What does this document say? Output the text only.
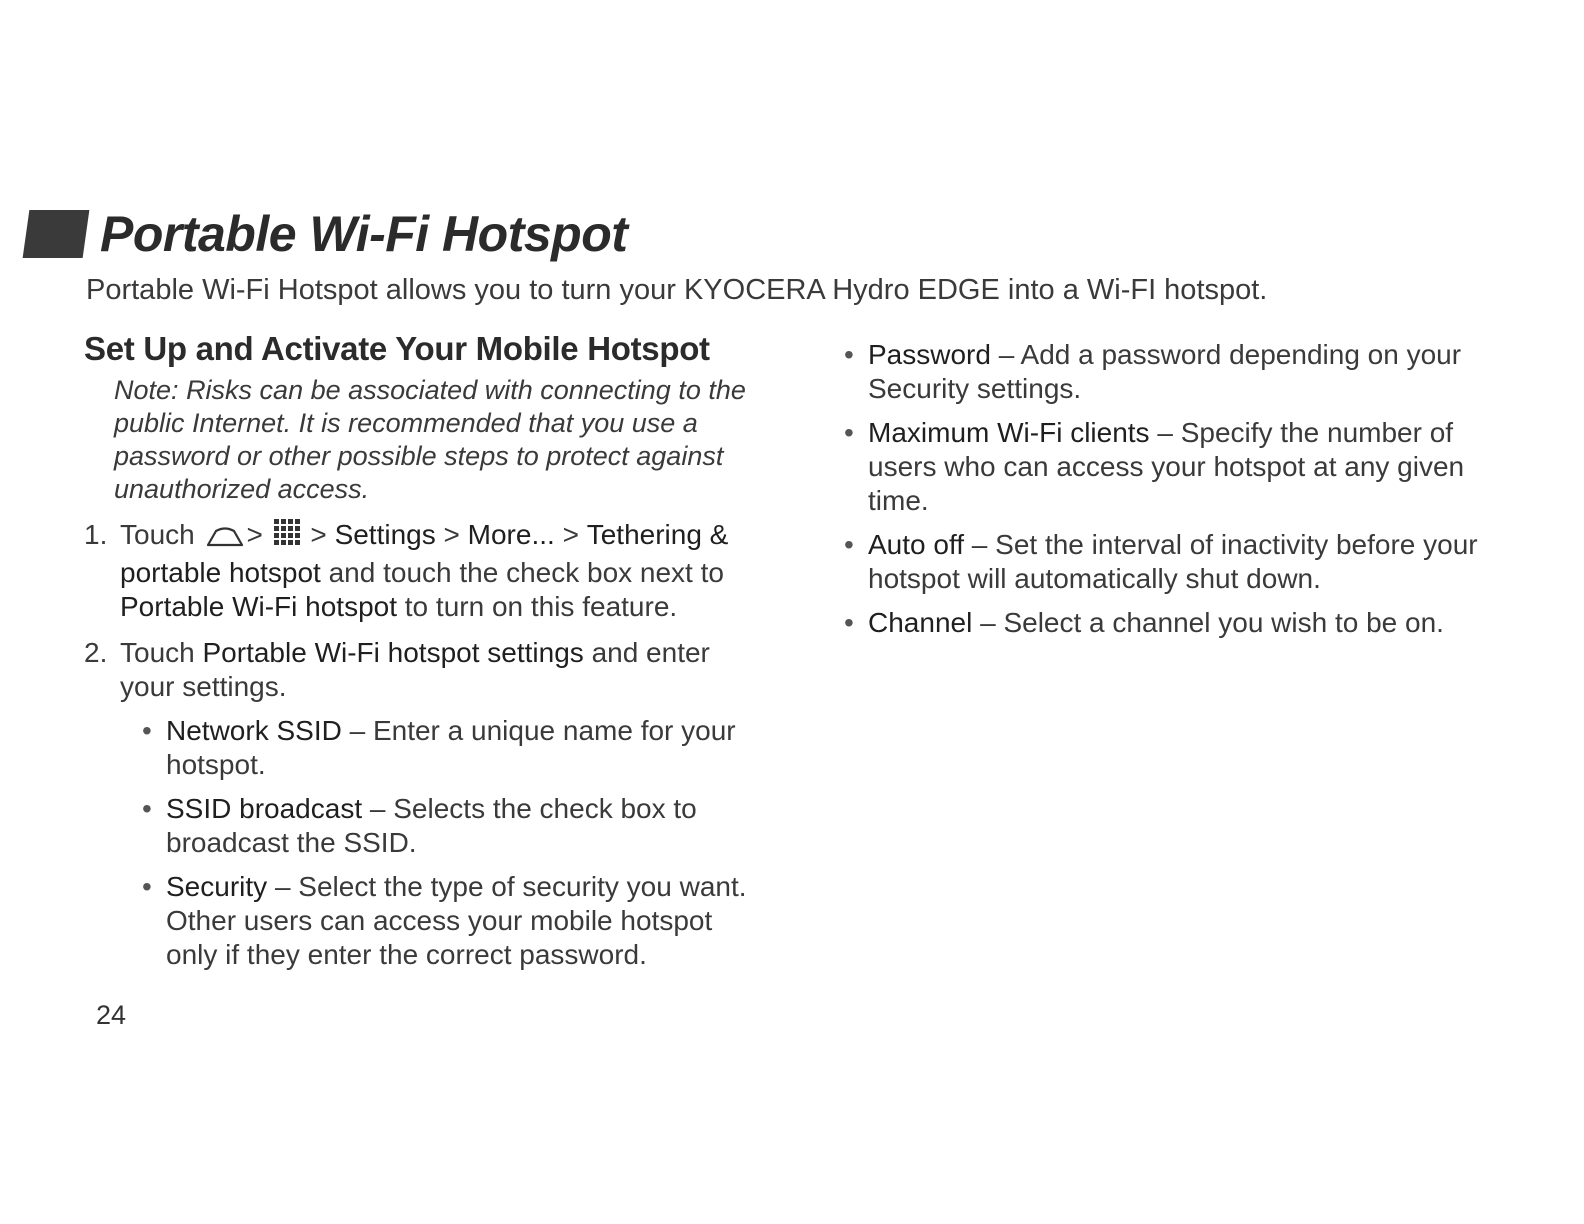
Portable Wi-Fi Hotspot
Portable Wi-Fi Hotspot allows you to turn your KYOCERA Hydro EDGE into a Wi-FI hotspot.
Set Up and Activate Your Mobile Hotspot
Note: Risks can be associated with connecting to the public Internet. It is recommended that you use a password or other possible steps to protect against unauthorized access.
1. Touch > > Settings > More... > Tethering & portable hotspot and touch the check box next to Portable Wi-Fi hotspot to turn on this feature.
2. Touch Portable Wi-Fi hotspot settings and enter your settings.
• Network SSID – Enter a unique name for your hotspot.
• SSID broadcast – Selects the check box to broadcast the SSID.
• Security – Select the type of security you want. Other users can access your mobile hotspot only if they enter the correct password.
• Password – Add a password depending on your Security settings.
• Maximum Wi-Fi clients – Specify the number of users who can access your hotspot at any given time.
• Auto off – Set the interval of inactivity before your hotspot will automatically shut down.
• Channel – Select a channel you wish to be on.
24
